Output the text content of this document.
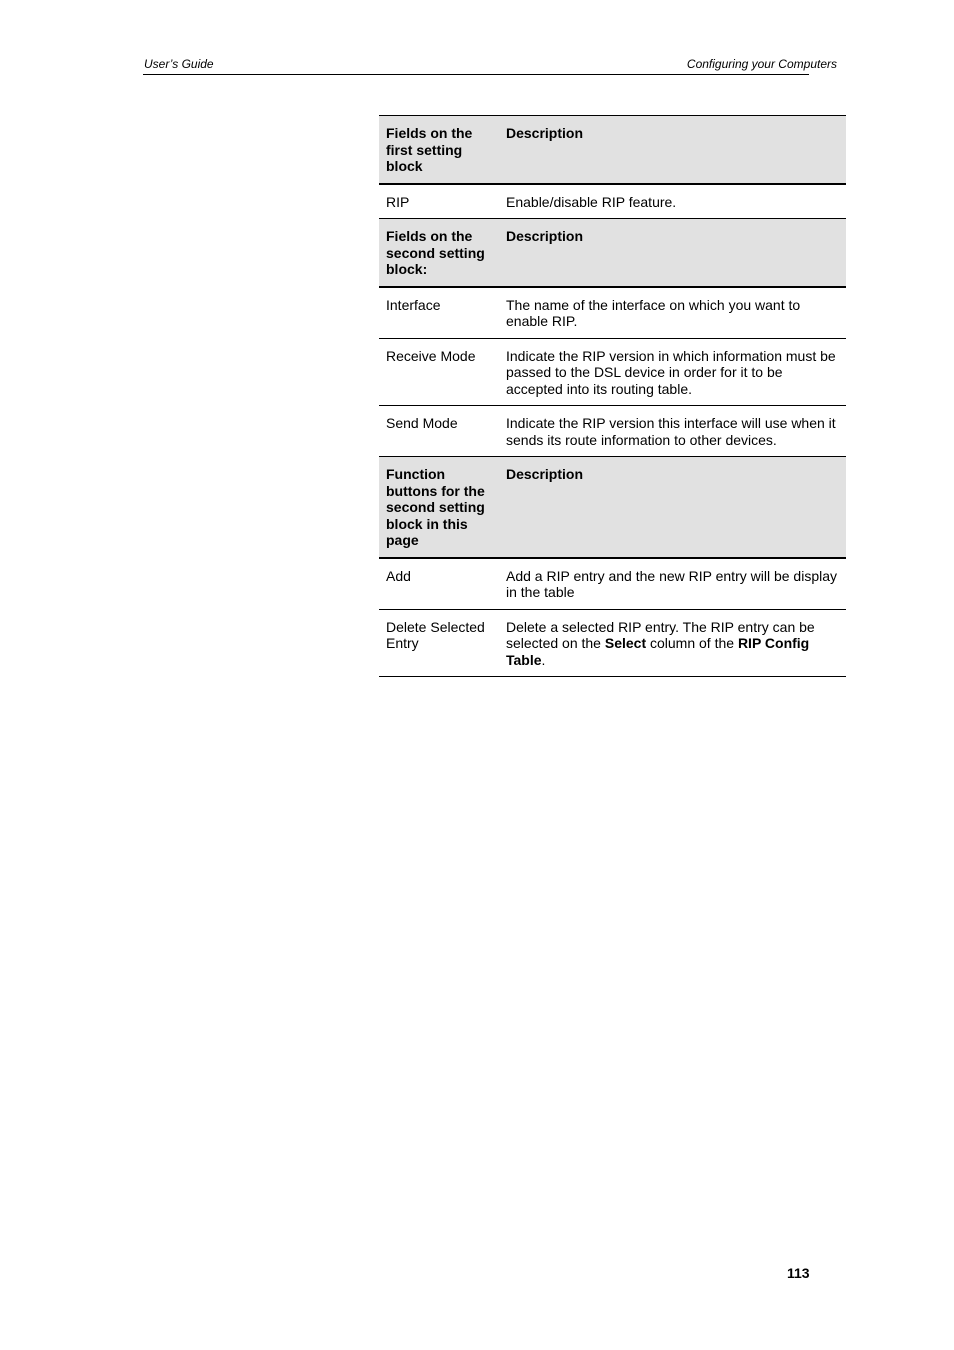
User’s Guide	Configuring your Computers
Fields on the first setting block	Description
RIP	Enable/disable RIP feature.
Fields on the second setting block:	Description
Interface	The name of the interface on which you want to enable RIP.
Receive Mode	Indicate the RIP version in which information must be passed to the DSL device in order for it to be accepted into its routing table.
Send Mode	Indicate the RIP version this interface will use when it sends its route information to other devices.
Function buttons for the second setting block in this page	Description
Add	Add a RIP entry and the new RIP entry will be display in the table
Delete Selected Entry	Delete a selected RIP entry. The RIP entry can be selected on the Select column of the RIP Config Table.
113
